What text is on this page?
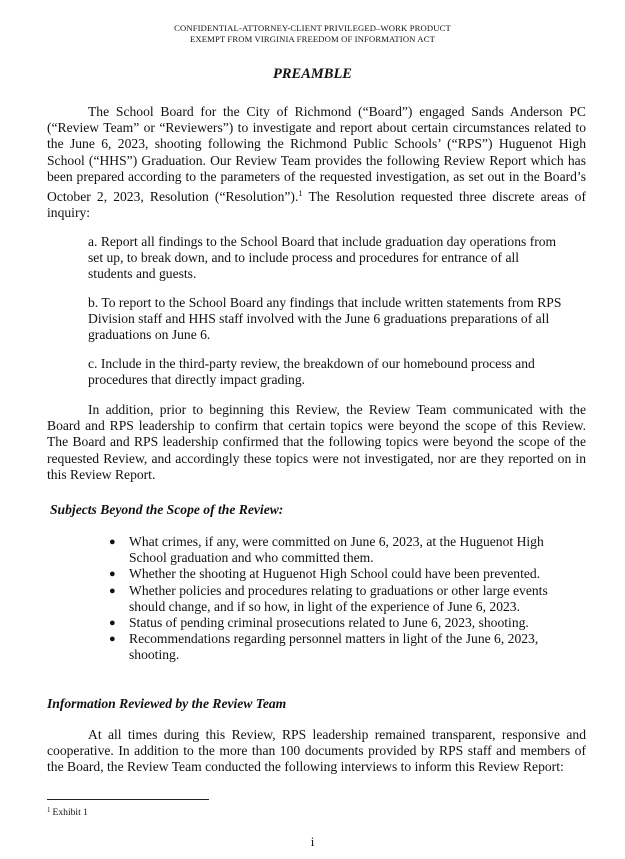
CONFIDENTIAL-ATTORNEY-CLIENT PRIVILEGED–WORK PRODUCT
EXEMPT FROM VIRGINIA FREEDOM OF INFORMATION ACT
PREAMBLE

The School Board for the City of Richmond (“Board”) engaged Sands Anderson PC (“Review Team” or “Reviewers”) to investigate and report about certain circumstances related to the June 6, 2023, shooting following the Richmond Public Schools’ (“RPS”) Huguenot High School (“HHS”) Graduation. Our Review Team provides the following Review Report which has been prepared according to the parameters of the requested investigation, as set out in the Board’s October 2, 2023, Resolution (“Resolution”).$^1$ The Resolution requested three discrete areas of inquiry:

a. Report all findings to the School Board that include graduation day operations from set up, to break down, and to include process and procedures for entrance of all students and guests.

b. To report to the School Board any findings that include written statements from RPS Division staff and HHS staff involved with the June 6 graduations preparations of all graduations on June 6.

c. Include in the third-party review, the breakdown of our homebound process and procedures that directly impact grading.

In addition, prior to beginning this Review, the Review Team communicated with the Board and RPS leadership to confirm that certain topics were beyond the scope of this Review. The Board and RPS leadership confirmed that the following topics were beyond the scope of the requested Review, and accordingly these topics were not investigated, nor are they reported on in this Review Report.

Subjects Beyond the Scope of the Review:
● What crimes, if any, were committed on June 6, 2023, at the Huguenot High School graduation and who committed them.
● Whether the shooting at Huguenot High School could have been prevented.
● Whether policies and procedures relating to graduations or other large events should change, and if so how, in light of the experience of June 6, 2023.
● Status of pending criminal prosecutions related to June 6, 2023, shooting.
● Recommendations regarding personnel matters in light of the June 6, 2023, shooting.
Information Reviewed by the Review Team

At all times during this Review, RPS leadership remained transparent, responsive and cooperative. In addition to the more than 100 documents provided by RPS staff and members of the Board, the Review Team conducted the following interviews to inform this Review Report:

$^1$ Exhibit 1
i
